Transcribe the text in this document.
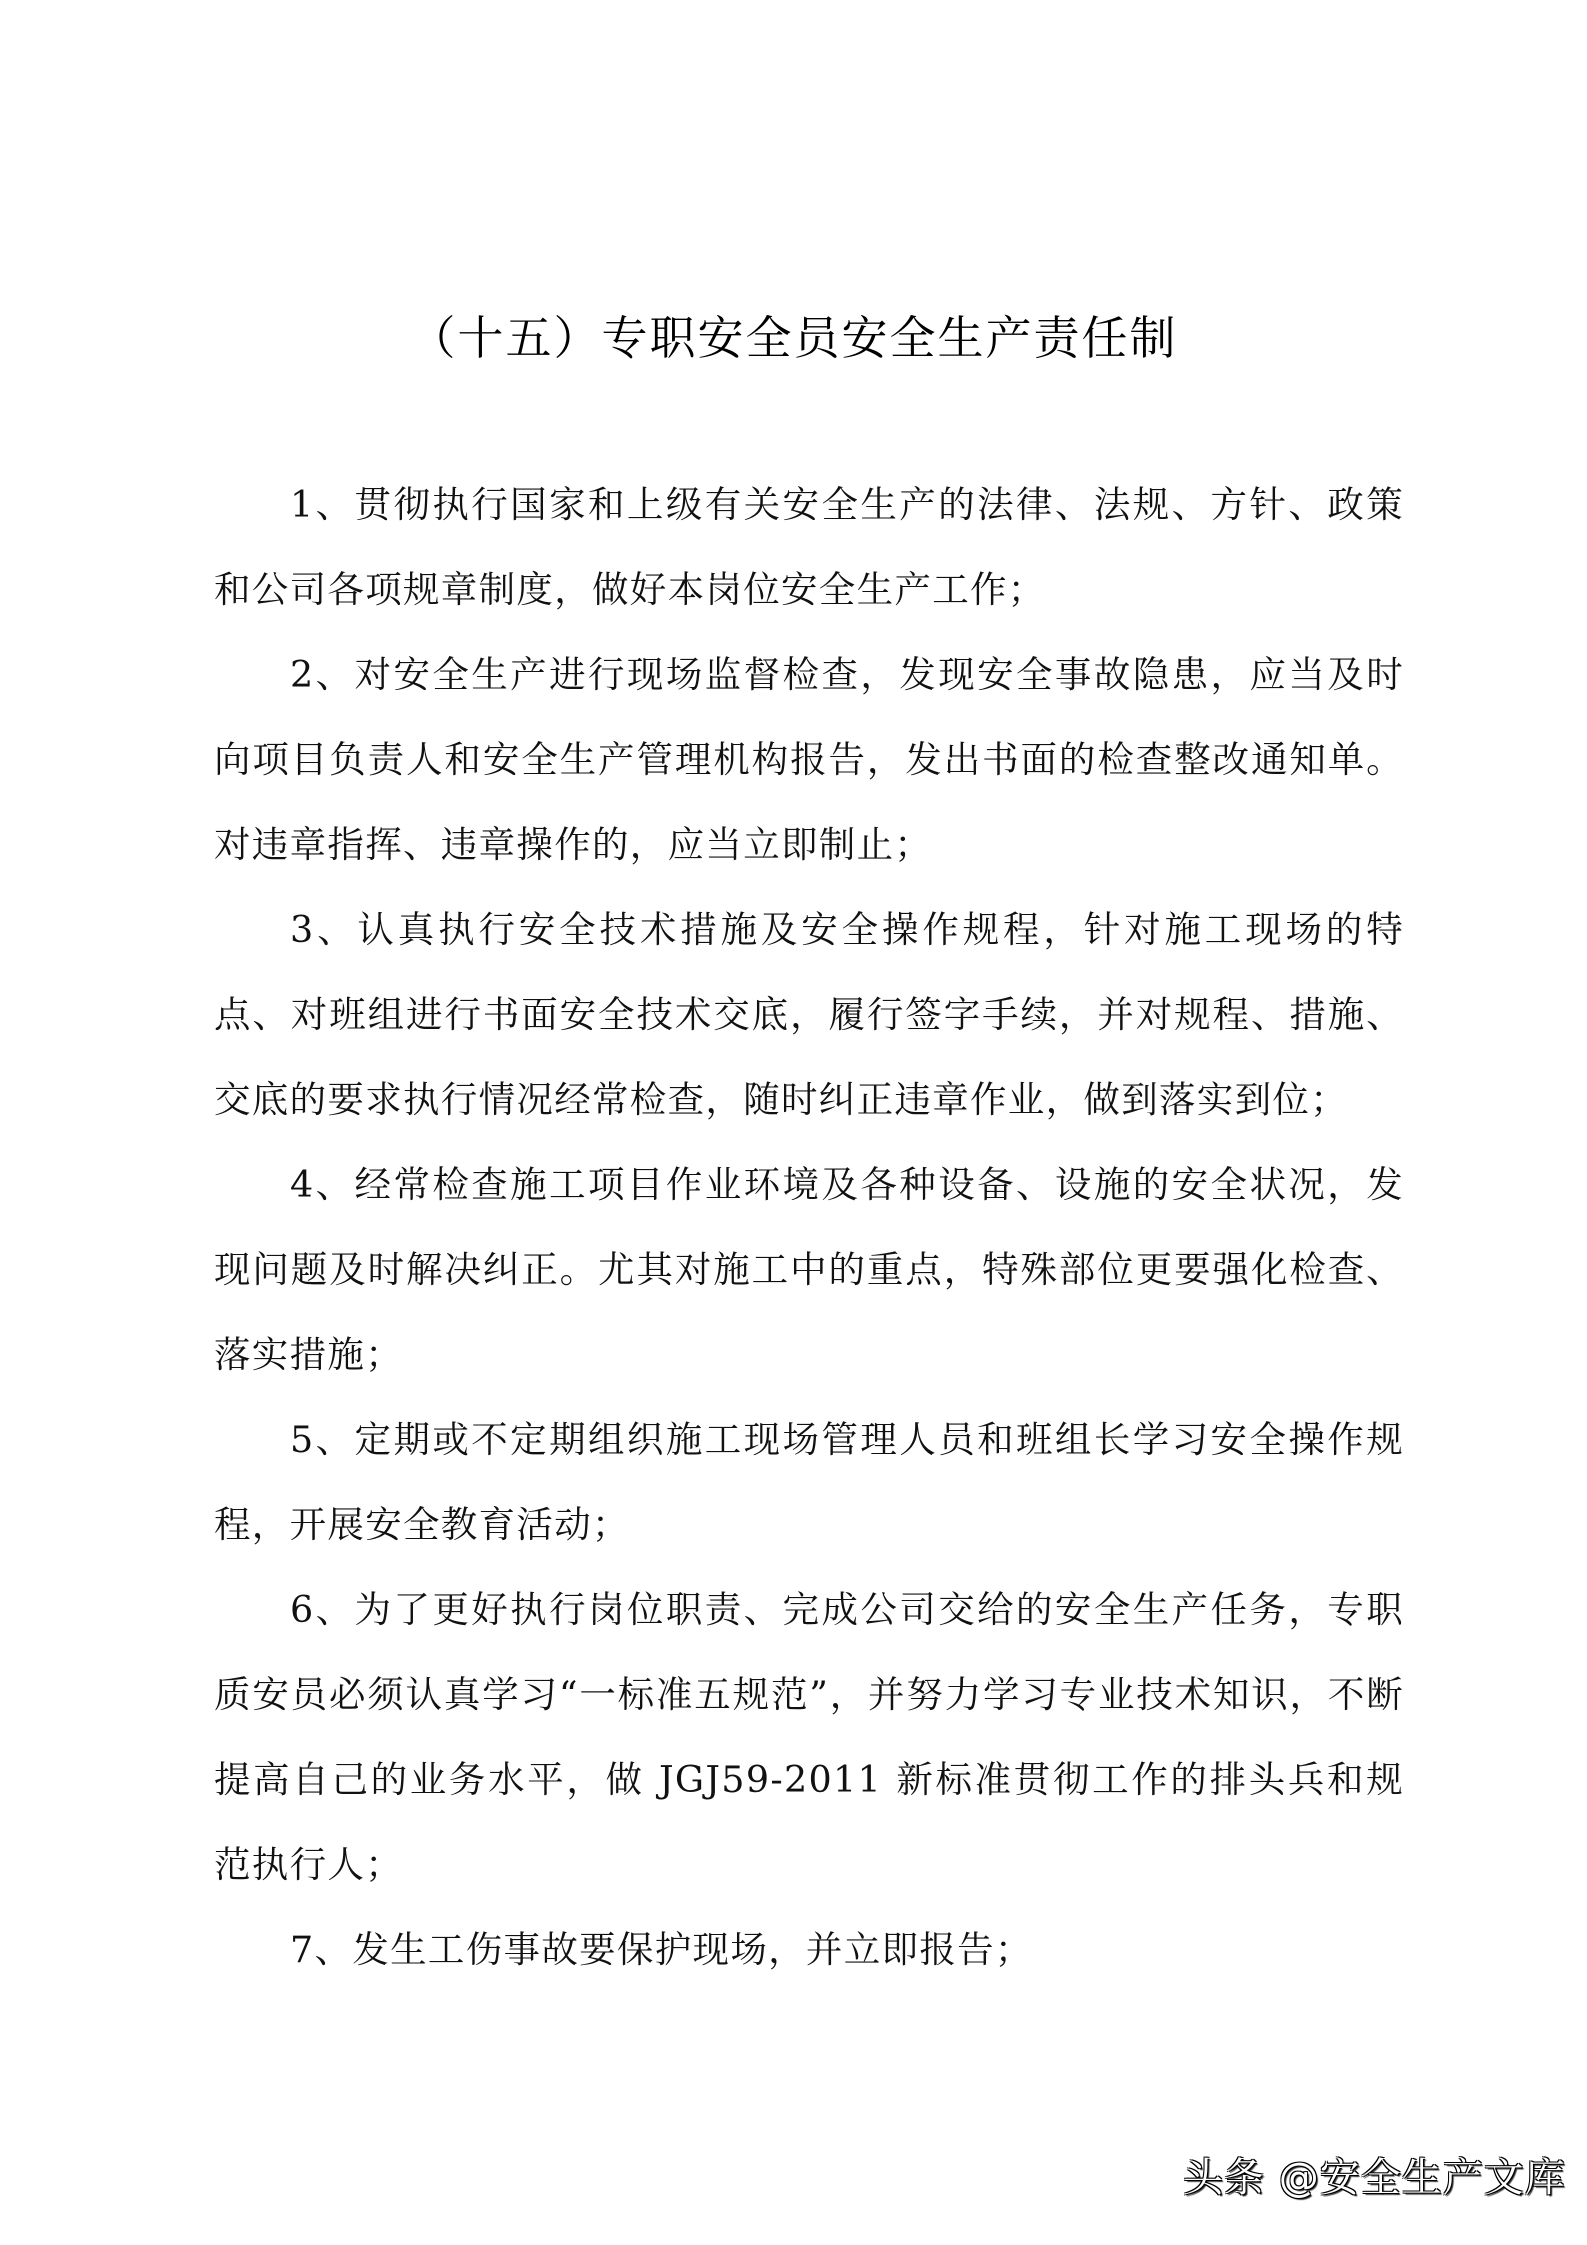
（十五）专职安全员安全生产责任制

1、贯彻执行国家和上级有关安全生产的法律、法规、方针、政策和公司各项规章制度，做好本岗位安全生产工作；

2、对安全生产进行现场监督检查，发现安全事故隐患，应当及时向项目负责人和安全生产管理机构报告，发出书面的检查整改通知单。对违章指挥、违章操作的，应当立即制止；

3、认真执行安全技术措施及安全操作规程，针对施工现场的特点、对班组进行书面安全技术交底，履行签字手续，并对规程、措施、交底的要求执行情况经常检查，随时纠正违章作业，做到落实到位；

4、经常检查施工项目作业环境及各种设备、设施的安全状况，发现问题及时解决纠正。尤其对施工中的重点，特殊部位更要强化检查、落实措施；

5、定期或不定期组织施工现场管理人员和班组长学习安全操作规程，开展安全教育活动；

6、为了更好执行岗位职责、完成公司交给的安全生产任务，专职质安员必须认真学习“一标准五规范”，并努力学习专业技术知识，不断提高自己的业务水平，做 JGJ59-2011 新标准贯彻工作的排头兵和规范执行人；

7、发生工伤事故要保护现场，并立即报告；

头条 @安全生产文库
